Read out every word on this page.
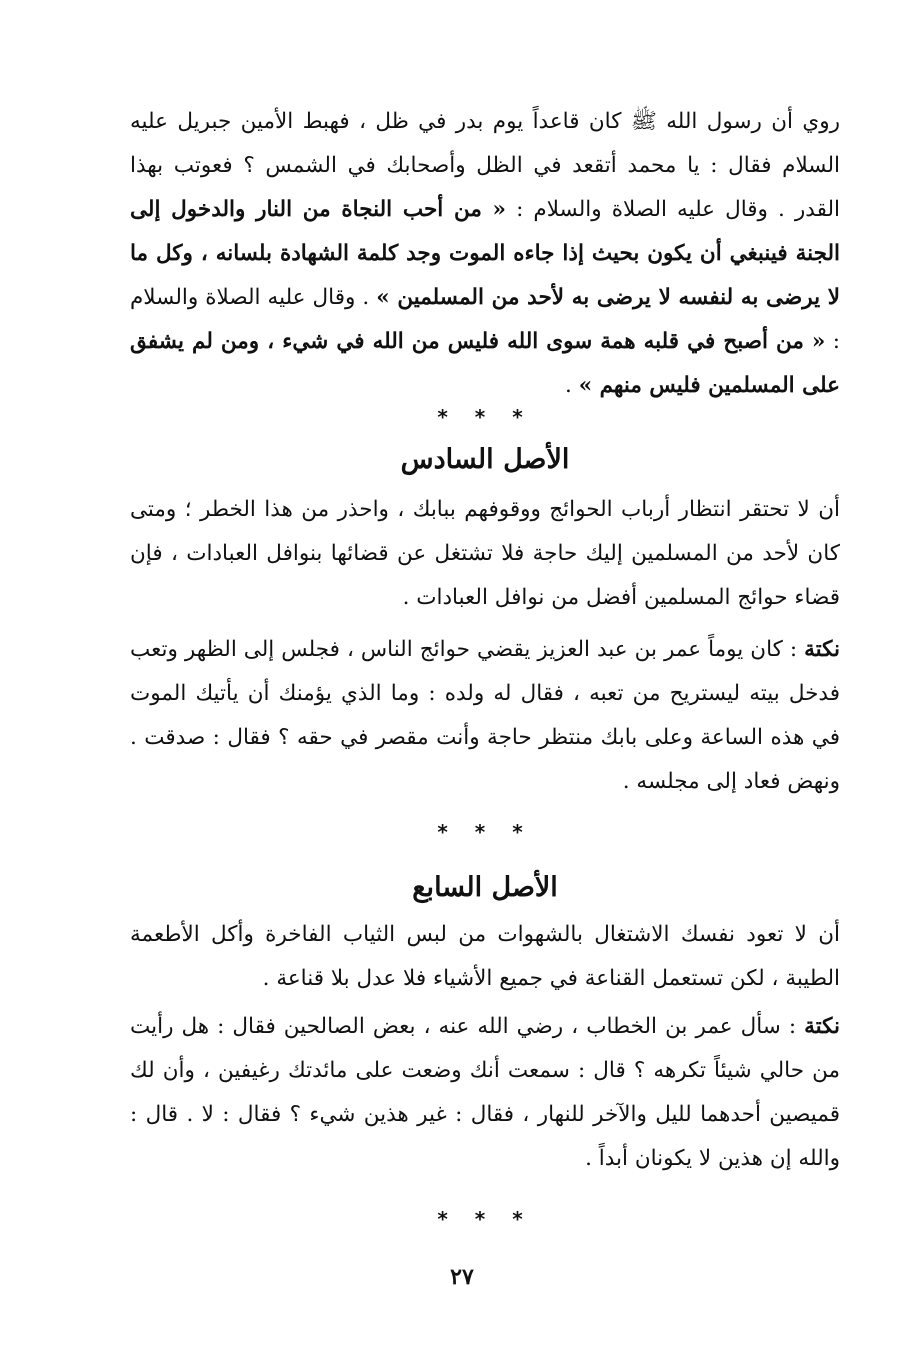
روي أن رسول الله ﷺ كان قاعداً يوم بدر في ظل ، فهبط الأمين جبريل عليه السلام فقال : يا محمد أتقعد في الظل وأصحابك في الشمس ؟ فعوتب بهذا القدر . وقال عليه الصلاة والسلام : « من أحب النجاة من النار والدخول إلى الجنة فينبغي أن يكون بحيث إذا جاءه الموت وجد كلمة الشهادة بلسانه ، وكل ما لا يرضى به لنفسه لا يرضى به لأحد من المسلمين » . وقال عليه الصلاة والسلام : « من أصبح في قلبه همة سوى الله فليس من الله في شيء ، ومن لم يشفق على المسلمين فليس منهم » .
* * *
الأصل السادس
أن لا تحتقر انتظار أرباب الحوائج ووقوفهم ببابك ، واحذر من هذا الخطر ؛ ومتى كان لأحد من المسلمين إليك حاجة فلا تشتغل عن قضائها بنوافل العبادات ، فإن قضاء حوائج المسلمين أفضل من نوافل العبادات .
نكتة : كان يوماً عمر بن عبد العزيز يقضي حوائج الناس ، فجلس إلى الظهر وتعب فدخل بيته ليستريح من تعبه ، فقال له ولده : وما الذي يؤمنك أن يأتيك الموت في هذه الساعة وعلى بابك منتظر حاجة وأنت مقصر في حقه ؟ فقال : صدقت . ونهض فعاد إلى مجلسه .
* * *
الأصل السابع
أن لا تعود نفسك الاشتغال بالشهوات من لبس الثياب الفاخرة وأكل الأطعمة الطيبة ، لكن تستعمل القناعة في جميع الأشياء فلا عدل بلا قناعة .
نكتة : سأل عمر بن الخطاب ، رضي الله عنه ، بعض الصالحين فقال : هل رأيت من حالي شيئاً تكرهه ؟ قال : سمعت أنك وضعت على مائدتك رغيفين ، وأن لك قميصين أحدهما لليل والآخر للنهار ، فقال : غير هذين شيء ؟ فقال : لا . قال : والله إن هذين لا يكونان أبداً .
* * *
٢٧
